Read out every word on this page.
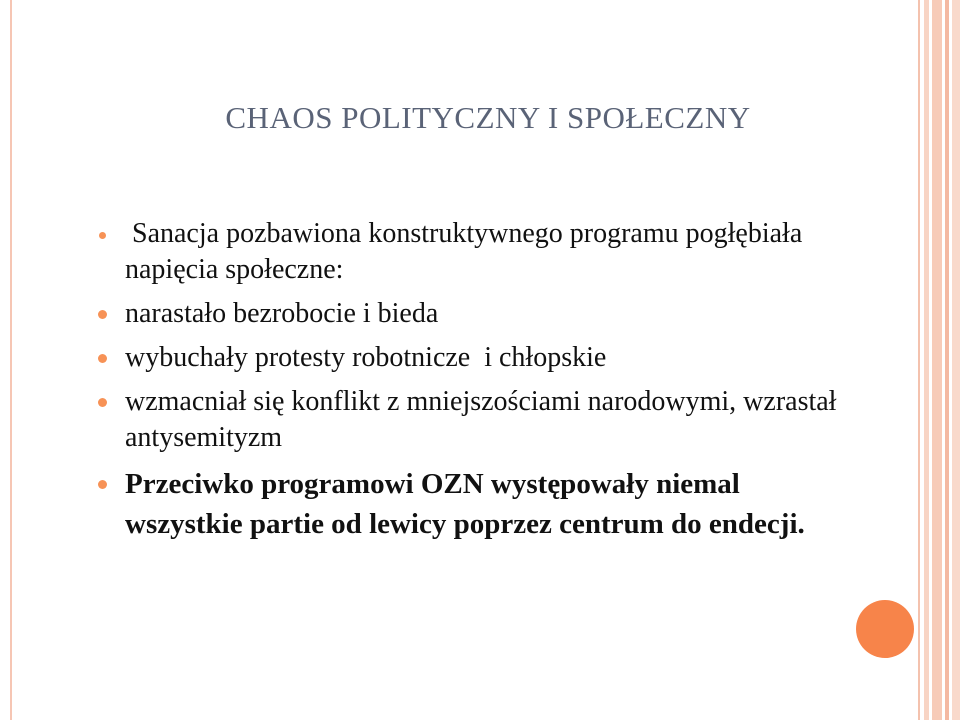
CHAOS POLITYCZNY I SPOŁECZNY
Sanacja pozbawiona konstruktywnego programu pogłębiała napięcia społeczne:
narastało bezrobocie i bieda
wybuchały protesty robotnicze  i chłopskie
wzmacniał się konflikt z mniejszościami narodowymi, wzrastał antysemityzm
Przeciwko programowi OZN występowały niemal wszystkie partie od lewicy poprzez centrum do endecji.
